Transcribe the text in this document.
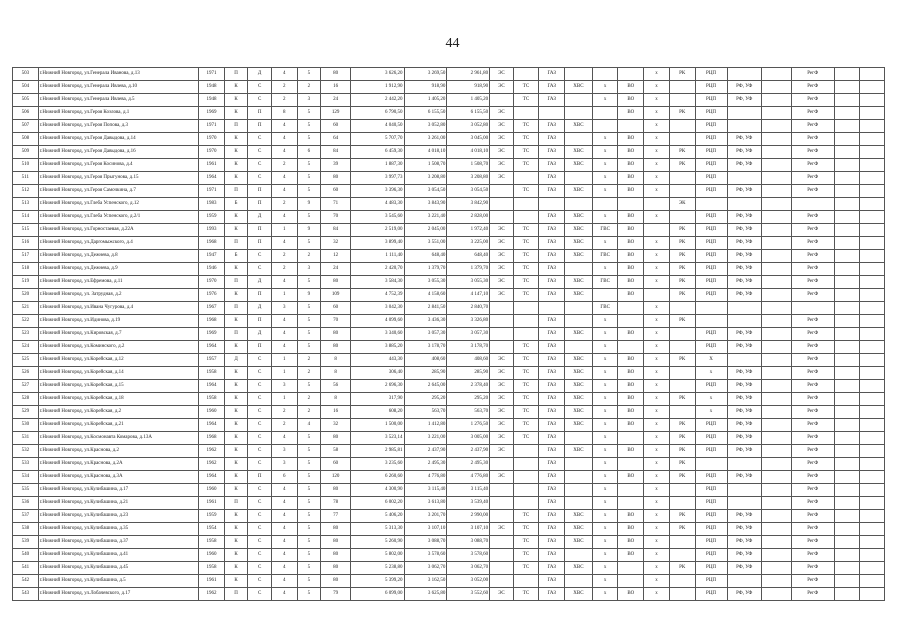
44
503	г.Нижний Новгород, ул.Генерала Иванова, д.13	1971	П	Д	4	5	80	3 626,20	3 269,50	2 961,80	ЭС		ГАЗ				х	РК	РЦП			РегФ		
504	г.Нижний Новгород, ул.Генерала Ивлева, д.10	1948	К	С	2	2	16	1 912,90	918,90	918,90	ЭС	ТС	ГАЗ	ХВС	х	ВО	х		РЦП	РФ, УФ		РегФ		
505	г.Нижний Новгород, ул.Генерала Ивлева, д.5	1948	К	С	2	3	24	2 442,20	1 405,20	1 405,20		ТС	ГАЗ		х	ВО	х		РЦП	РФ, УФ		РегФ		
506	г.Нижний Новгород, ул.Героя Козлова, д.1	1969	К	П	8	5	129	6 790,50	6 155,50	6 155,50	ЭС					ВО	х	РК	РЦП			РегФ		
507	г.Нижний Новгород, ул.Героя Попова, д.3	1971	П	П	4	5	60	4 040,50	3 052,80	3 052,80	ЭС	ТС	ГАЗ	ХВС			х		РЦП			РегФ		
508	г.Нижний Новгород, ул.Героя Давыдова, д.14	1970	К	С	4	5	64	5 707,70	3 261,00	3 045,00	ЭС	ТС	ГАЗ		х	ВО	х		РЦП	РФ, УФ		РегФ		
509	г.Нижний Новгород, ул.Героя Давыдова, д.16	1970	К	С	4	6	84	6 459,30	4 018,10	4 018,10	ЭС	ТС	ГАЗ	ХВС	х	ВО	х	РК	РЦП	РФ, УФ		РегФ		
510	г.Нижний Новгород, ул.Героя Косинова, д.4	1961	К	С	2	5	39	1 887,30	1 508,70	1 508,70	ЭС	ТС	ГАЗ	ХВС	х	ВО	х	РК	РЦП	РФ, УФ		РегФ		
511	г.Нижний Новгород, ул.Героя Прыгунова, д.15	1964	К	С	4	5	80	3 997,73	3 208,80	3 208,80	ЭС		ГАЗ		х	ВО	х		РЦП			РегФ		
512	г.Нижний Новгород, ул.Героя Самочкина, д.7	1971	П	П	4	5	60	3 396,30	3 054,50	3 054,50		ТС	ГАЗ	ХВС	х	ВО	х		РЦП	РФ, УФ		РегФ		
513	г.Нижний Новгород, ул.Глеба Успенского, д.12	1983	Б	П	2	9	71	4 483,30	3 843,90	3 842,90								ЭК						
514	г.Нижний Новгород, ул.Глеба Успенского, д.2/1	1959	К	Д	4	5	70	3 545,60	3 221,40	2 828,00			ГАЗ	ХВС	х	ВО	х		РЦП	РФ, УФ		РегФ		
515	г.Нижний Новгород, ул.Горностаевая, д.22А	1993	К	П	1	9	84	2 519,00	2 045,00	1 972,40	ЭС	ТС	ГАЗ	ХВС	ГВС	ВО		РК	РЦП	РФ, УФ		РегФ		
516	г.Нижний Новгород, ул.Даргомыжского, д.4	1968	П	П	4	5	32	3 899,40	3 551,00	3 225,00	ЭС	ТС	ГАЗ	ХВС	х	ВО	х	РК	РЦП	РФ, УФ		РегФ		
517	г.Нижний Новгород, ул.Дежнева, д.8	1947	Б	С	2	2	12	1 111,40	648,40	648,40	ЭС	ТС	ГАЗ	ХВС	ГВС	ВО	х	РК	РЦП	РФ, УФ		РегФ		
518	г.Нижний Новгород, ул.Дежнева, д.9	1946	К	С	2	3	24	2 420,70	1 379,70	1 379,70	ЭС	ТС	ГАЗ		х	ВО	х	РК	РЦП	РФ, УФ		РегФ		
519	г.Нижний Новгород, ул.Ефремова, д.11	1970	П	Д	4	5	80	3 584,30	3 055,30	3 055,30	ЭС	ТС	ГАЗ	ХВС	ГВС	ВО	х	РК	РЦП	РФ, УФ		РегФ		
520	г.Нижний Новгород, ул. Затрудная, д.2	1976	К	П	1	9	109	4 752,39	4 158,60	4 147,10	ЭС	ТС	ГАЗ	ХВС		ВО		РК	РЦП	РФ, УФ		РегФ		
521	г.Нижний Новгород, ул.Ивана Чугурова, д.4	1967	П	Д	3	5	60	3 042,30	2 841,50	2 840,70					ГВС		х							
522	г.Нижний Новгород, ул.Идинова, д.19	1968	К	П	4	5	70	4 099,60	3 436,30	3 326,80			ГАЗ		х		х	РК				РегФ		
523	г.Нижний Новгород, ул.Кировская, д.7	1969	П	Д	4	5	80	3 340,60	3 057,30	3 057,30			ГАЗ	ХВС	х	ВО	х		РЦП	РФ, УФ		РегФ		
524	г.Нижний Новгород, ул.Коминского, д.2	1964	К	П	4	5	80	3 885,20	3 178,70	3 178,70		ТС	ГАЗ		х		х		РЦП	РФ, УФ		РегФ		
525	г.Нижний Новгород, ул.Корейская, д.12	1957	Д	С	1	2	8	443,30	408,60	408,60	ЭС	ТС	ГАЗ	ХВС	х	ВО	х	РК	Х			РегФ		
526	г.Нижний Новгород, ул.Корейская, д.14	1958	К	С	1	2	8	306,40	285,90	285,90	ЭС	ТС	ГАЗ	ХВС	х	ВО	х		х	РФ, УФ		РегФ		
527	г.Нижний Новгород, ул.Корейская, д.15	1964	К	С	3	5	56	2 696,30	2 645,00	2 378,40	ЭС	ТС	ГАЗ	ХВС	х	ВО	х		РЦП	РФ, УФ		РегФ		
528	г.Нижний Новгород, ул.Корейская, д.18	1958	К	С	1	2	8	317,90	295,20	295,20	ЭС	ТС	ГАЗ	ХВС	х	ВО	х	РК	х	РФ, УФ		РегФ		
529	г.Нижний Новгород, ул.Корейская, д.2	1960	К	С	2	2	16	608,20	563,70	563,70	ЭС	ТС	ГАЗ	ХВС	х	ВО	х		х	РФ, УФ		РегФ		
530	г.Нижний Новгород, ул.Корейская, д.21	1964	К	С	2	4	32	1 500,00	1 412,80	1 276,50	ЭС	ТС	ГАЗ	ХВС	х	ВО	х	РК	РЦП	РФ, УФ		РегФ		
531	г.Нижний Новгород, ул.Космонавта Комарова, д.13А	1968	К	С	4	5	80	3 523,14	3 221,00	3 005,00	ЭС	ТС	ГАЗ		х		х	РК	РЦП	РФ, УФ		РегФ		
532	г.Нижний Новгород, ул.Краснова, д.2	1962	К	С	3	5	58	2 985,81	2 437,90	2 437,90	ЭС		ГАЗ	ХВС	х	ВО	х	РК	РЦП	РФ, УФ		РегФ		
533	г.Нижний Новгород, ул.Краснова, д.2А	1962	К	С	3	5	60	3 235,60	2 495,30	2 495,30			ГАЗ		х		х	РК				РегФ		
534	г.Нижний Новгород, ул.Краснова, д.3А	1964	К	П	6	5	120	6 260,60	4 776,80	4 776,80	ЭС		ГАЗ		х	ВО	х	РК	РЦП	РФ, УФ		РегФ		
535	г.Нижний Новгород, ул.Кулибашина, д.17	1960	К	С	4	5	80	4 300,90	3 115,40	3 115,40			ГАЗ		х		х		РЦП			РегФ		
536	г.Нижний Новгород, ул.Кулибашина, д.21	1961	П	С	4	5	78	6 002,20	3 613,80	3 539,40			ГАЗ		х		х		РЦП			РегФ		
537	г.Нижний Новгород, ул.Кулибашина, д.23	1959	К	С	4	5	77	5 406,20	3 201,70	2 990,00		ТС	ГАЗ	ХВС	х	ВО	х	РК	РЦП	РФ, УФ		РегФ		
538	г.Нижний Новгород, ул.Кулибашина, д.35	1954	К	С	4	5	80	5 313,30	3 107,10	3 107,10	ЭС	ТС	ГАЗ	ХВС	х	ВО	х	РК	РЦП	РФ, УФ		РегФ		
539	г.Нижний Новгород, ул.Кулибашина, д.37	1958	К	С	4	5	80	5 260,90	3 088,70	3 088,70		ТС	ГАЗ	ХВС	х	ВО	х		РЦП	РФ, УФ		РегФ		
540	г.Нижний Новгород, ул.Кулибашина, д.41	1960	К	С	4	5	80	5 802,00	3 578,60	3 578,60		ТС	ГАЗ		х	ВО	х		РЦП	РФ, УФ		РегФ		
541	г.Нижний Новгород, ул.Кулибашина, д.45	1958	К	С	4	5	80	5 238,80	3 062,70	3 062,70		ТС	ГАЗ	ХВС	х		х	РК	РЦП	РФ, УФ		РегФ		
542	г.Нижний Новгород, ул.Кулибашина, д.5	1961	К	С	4	5	80	5 399,20	3 162,50	3 052,00			ГАЗ		х		х		РЦП			РегФ		
543	г.Нижний Новгород, ул.Лобачевского, д.17	1962	П	С	4	5	79	6 099,00	3 625,80	3 552,60	ЭС	ТС	ГАЗ	ХВС	х	ВО	х		РЦП	РФ, УФ		РегФ		
